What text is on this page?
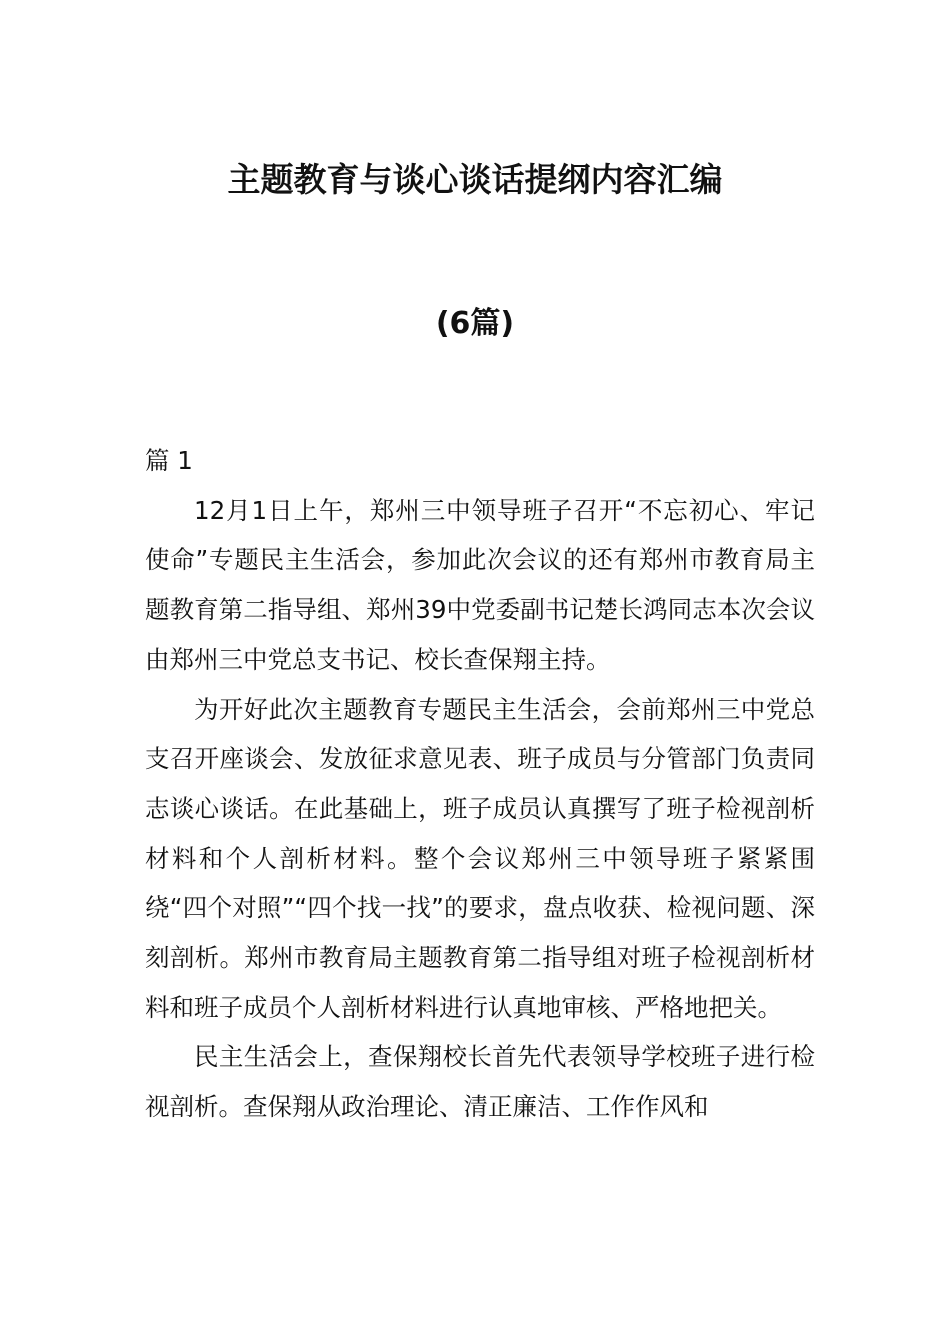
主题教育与谈心谈话提纲内容汇编
(6篇)

篇 1

12月1日上午，郑州三中领导班子召开“不忘初心、牢记使命”专题民主生活会，参加此次会议的还有郑州市教育局主题教育第二指导组、郑州39中党委副书记楚长鸿同志本次会议由郑州三中党总支书记、校长查保翔主持。

为开好此次主题教育专题民主生活会，会前郑州三中党总支召开座谈会、发放征求意见表、班子成员与分管部门负责同志谈心谈话。在此基础上，班子成员认真撰写了班子检视剖析材料和个人剖析材料。整个会议郑州三中领导班子紧紧围绕“四个对照”“四个找一找”的要求，盘点收获、检视问题、深刻剖析。郑州市教育局主题教育第二指导组对班子检视剖析材料和班子成员个人剖析材料进行认真地审核、严格地把关。

民主生活会上，查保翔校长首先代表领导学校班子进行检视剖析。查保翔从政治理论、清正廉洁、工作作风和
